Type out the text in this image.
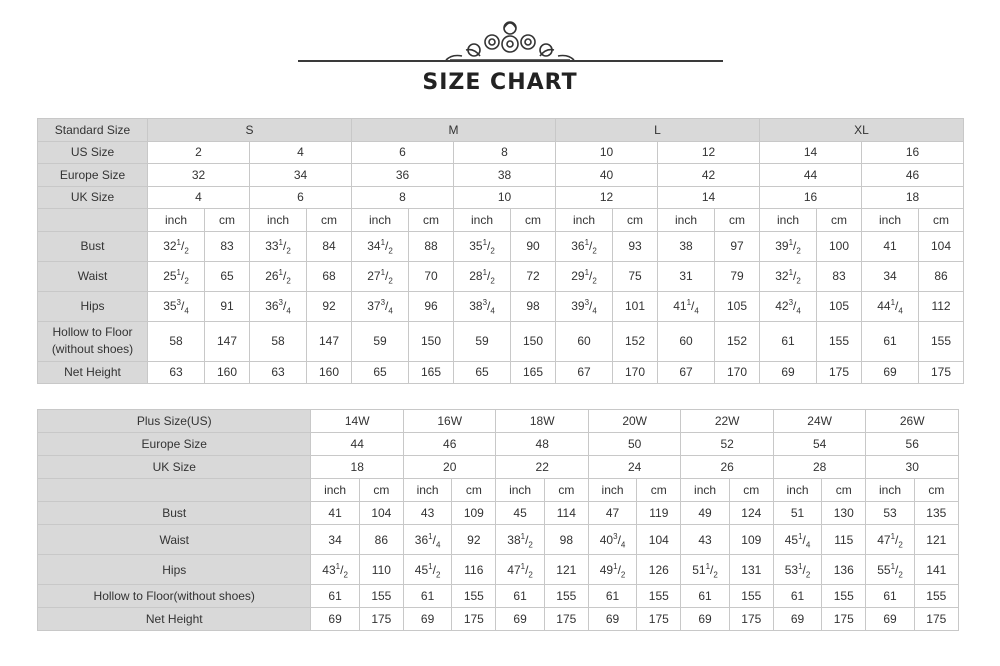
SIZE CHART
Standard Size	S				M				L				XL			
US Size	2		4		6		8		10		12		14		16	
Europe Size	32		34		36		38		40		42		44		46	
UK Size	4		6		8		10		12		14		16		18	
	inch	cm	inch	cm	inch	cm	inch	cm	inch	cm	inch	cm	inch	cm	inch	cm
Bust	$32^1/_2$	83	$33^1/_2$	84	$34^1/_2$	88	$35^1/_2$	90	$36^1/_2$	93	38	97	$39^1/_2$	100	41	104
Waist	$25^1/_2$	65	$26^1/_2$	68	$27^1/_2$	70	$28^1/_2$	72	$29^1/_2$	75	31	79	$32^1/_2$	83	34	86
Hips	$35^3/_4$	91	$36^3/_4$	92	$37^3/_4$	96	$38^3/_4$	98	$39^3/_4$	101	$41^1/_4$	105	$42^3/_4$	105	$44^1/_4$	112
Hollow to Floor
(without shoes)	58	147	58	147	59	150	59	150	60	152	60	152	61	155	61	155
Net Height	63	160	63	160	65	165	65	165	67	170	67	170	69	175	69	175
Plus Size(US)	14W		16W		18W		20W		22W		24W		26W	
Europe Size	44		46		48		50		52		54		56	
UK Size	18		20		22		24		26		28		30	
	inch	cm	inch	cm	inch	cm	inch	cm	inch	cm	inch	cm	inch	cm
Bust	41	104	43	109	45	114	47	119	49	124	51	130	53	135
Waist	34	86	$36^1/_4$	92	$38^1/_2$	98	$40^3/_4$	104	43	109	$45^1/_4$	115	$47^1/_2$	121
Hips	$43^1/_2$	110	$45^1/_2$	116	$47^1/_2$	121	$49^1/_2$	126	$51^1/_2$	131	$53^1/_2$	136	$55^1/_2$	141
Hollow to Floor(without shoes)	61	155	61	155	61	155	61	155	61	155	61	155	61	155
Net Height	69	175	69	175	69	175	69	175	69	175	69	175	69	175
